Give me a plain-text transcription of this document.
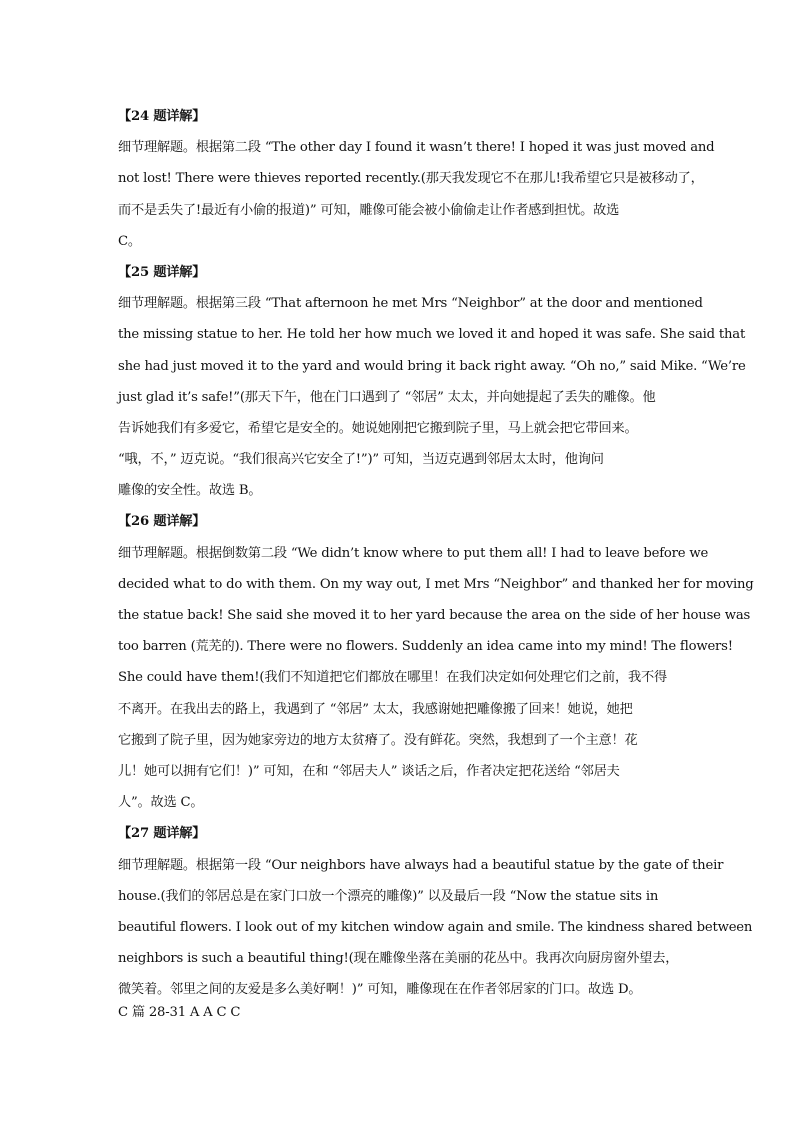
【24 题详解】
细节理解题。根据第二段 “The other day I found it wasn’t there! I hoped it was just moved and
not lost! There were thieves reported recently.(那天我发现它不在那儿!我希望它只是被移动了，
而不是丢失了!最近有小偷的报道)” 可知，雕像可能会被小偷偷走让作者感到担忧。故选
C。
【25 题详解】
细节理解题。根据第三段 “That afternoon he met Mrs “Neighbor” at the door and mentioned
the missing statue to her. He told her how much we loved it and hoped it was safe. She said that
she had just moved it to the yard and would bring it back right away. “Oh no,” said Mike. “We’re
just glad it’s safe!”(那天下午，他在门口遇到了 “邻居” 太太，并向她提起了丢失的雕像。他
告诉她我们有多爱它，希望它是安全的。她说她刚把它搬到院子里，马上就会把它带回来。
“哦，不，” 迈克说。“我们很高兴它安全了!”)” 可知，当迈克遇到邻居太太时，他询问
雕像的安全性。故选 B。
【26 题详解】
细节理解题。根据倒数第二段 “We didn’t know where to put them all! I had to leave before we
decided what to do with them. On my way out, I met Mrs “Neighbor” and thanked her for moving
the statue back! She said she moved it to her yard because the area on the side of her house was
too barren (荒芜的). There were no flowers. Suddenly an idea came into my mind! The flowers!
She could have them!(我们不知道把它们都放在哪里！在我们决定如何处理它们之前，我不得
不离开。在我出去的路上，我遇到了 “邻居” 太太，我感谢她把雕像搬了回来！她说，她把
它搬到了院子里，因为她家旁边的地方太贫瘠了。没有鲜花。突然，我想到了一个主意！花
儿！她可以拥有它们！)” 可知，在和 “邻居夫人” 谈话之后，作者决定把花送给 “邻居夫
人”。故选 C。
【27 题详解】
细节理解题。根据第一段 “Our neighbors have always had a beautiful statue by the gate of their
house.(我们的邻居总是在家门口放一个漂亮的雕像)” 以及最后一段 “Now the statue sits in
beautiful flowers. I look out of my kitchen window again and smile. The kindness shared between
neighbors is such a beautiful thing!(现在雕像坐落在美丽的花丛中。我再次向厨房窗外望去，
微笑着。邻里之间的友爱是多么美好啊！)” 可知，雕像现在在作者邻居家的门口。故选 D。
C 篇 28-31 A A C C
